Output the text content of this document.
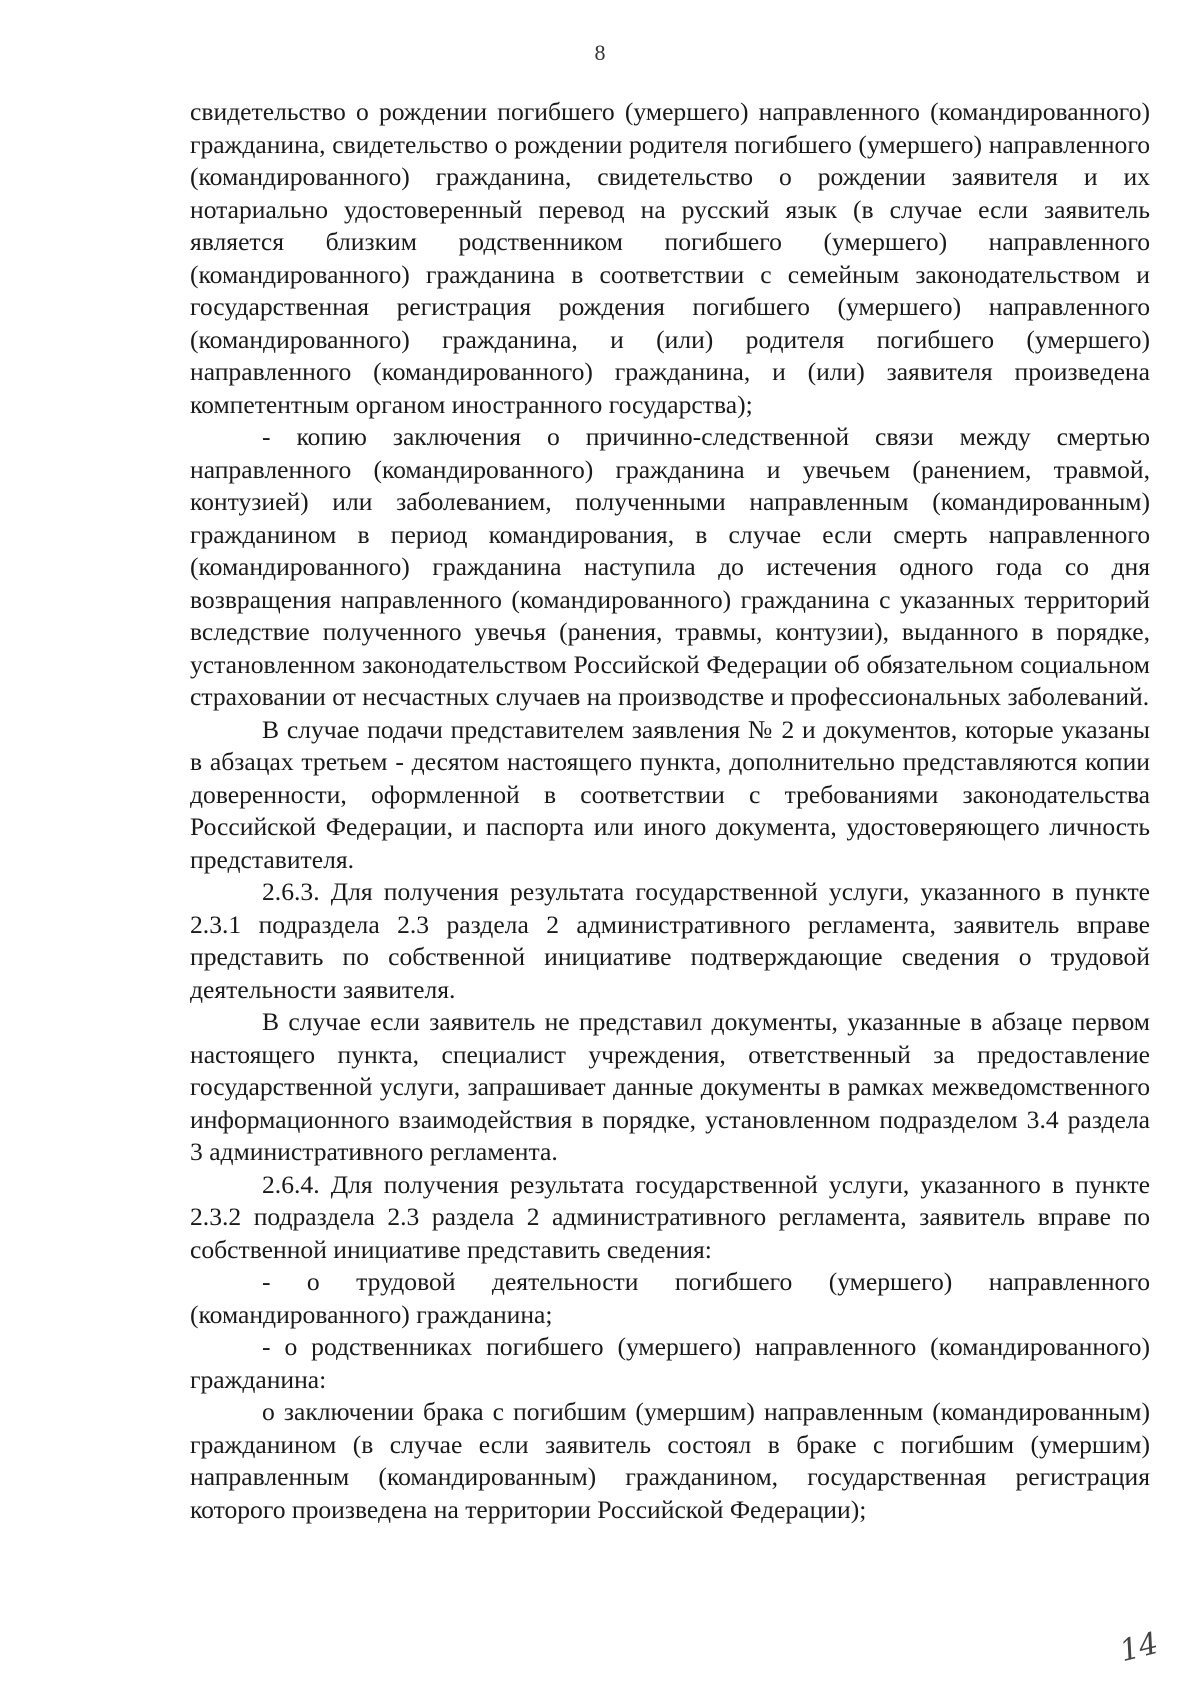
8

свидетельство о рождении погибшего (умершего) направленного (командированного) гражданина, свидетельство о рождении родителя погибшего (умершего) направленного (командированного) гражданина, свидетельство о рождении заявителя и их нотариально удостоверенный перевод на русский язык (в случае если заявитель является близким родственником погибшего (умершего) направленного (командированного) гражданина в соответствии с семейным законодательством и государственная регистрация рождения погибшего (умершего) направленного (командированного) гражданина, и (или) родителя погибшего (умершего) направленного (командированного) гражданина, и (или) заявителя произведена компетентным органом иностранного государства);

- копию заключения о причинно-следственной связи между смертью направленного (командированного) гражданина и увечьем (ранением, травмой, контузией) или заболеванием, полученными направленным (командированным) гражданином в период командирования, в случае если смерть направленного (командированного) гражданина наступила до истечения одного года со дня возвращения направленного (командированного) гражданина с указанных территорий вследствие полученного увечья (ранения, травмы, контузии), выданного в порядке, установленном законодательством Российской Федерации об обязательном социальном страховании от несчастных случаев на производстве и профессиональных заболеваний.

В случае подачи представителем заявления № 2 и документов, которые указаны в абзацах третьем - десятом настоящего пункта, дополнительно представляются копии доверенности, оформленной в соответствии с требованиями законодательства Российской Федерации, и паспорта или иного документа, удостоверяющего личность представителя.

2.6.3. Для получения результата государственной услуги, указанного в пункте 2.3.1 подраздела 2.3 раздела 2 административного регламента, заявитель вправе представить по собственной инициативе подтверждающие сведения о трудовой деятельности заявителя.

В случае если заявитель не представил документы, указанные в абзаце первом настоящего пункта, специалист учреждения, ответственный за предоставление государственной услуги, запрашивает данные документы в рамках межведомственного информационного взаимодействия в порядке, установленном подразделом 3.4 раздела 3 административного регламента.

2.6.4. Для получения результата государственной услуги, указанного в пункте 2.3.2 подраздела 2.3 раздела 2 административного регламента, заявитель вправе по собственной инициативе представить сведения:

- о трудовой деятельности погибшего (умершего) направленного (командированного) гражданина;

- о родственниках погибшего (умершего) направленного (командированного) гражданина:

о заключении брака с погибшим (умершим) направленным (командированным) гражданином (в случае если заявитель состоял в браке с погибшим (умершим) направленным (командированным) гражданином, государственная регистрация которого произведена на территории Российской Федерации);

14
